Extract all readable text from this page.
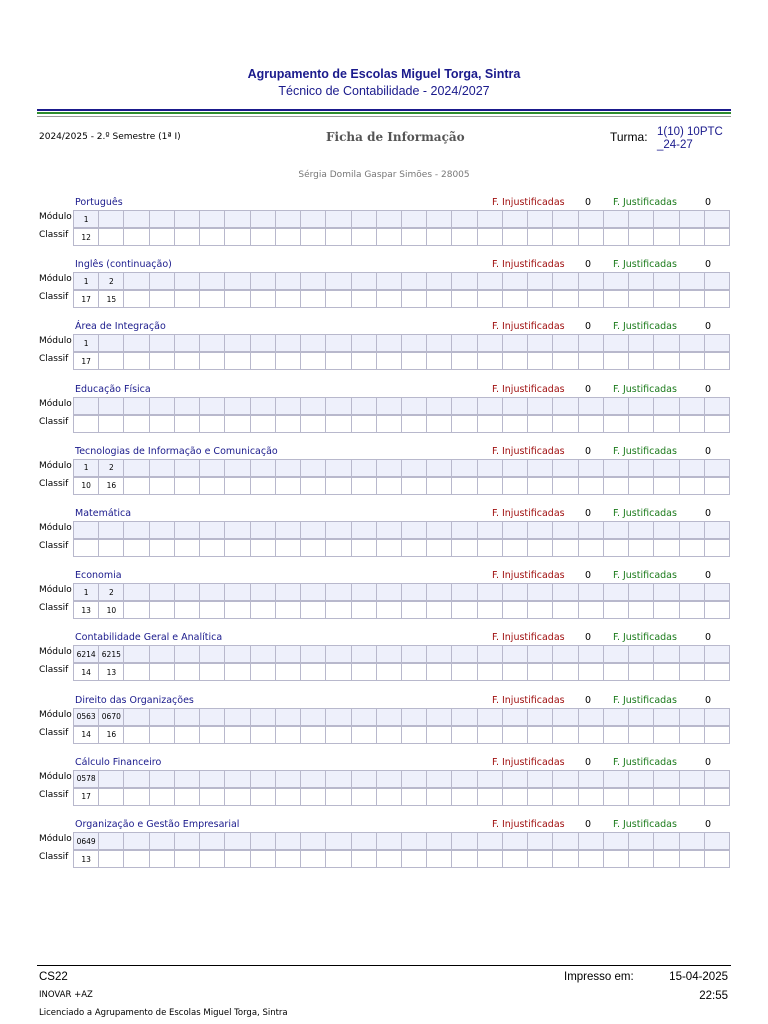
Agrupamento de Escolas Miguel Torga, Sintra
Técnico de Contabilidade - 2024/2027
2024/2025 - 2.º Semestre (1ª I)	Ficha de Informação	Turma: 1(10) 10PTC_24-27
Sérgia Domila Gaspar Simões - 28005
Português	F. Injustificadas 0 F. Justificadas	0
Módulo
Classif
1
12
Inglês (continuação)	F. Injustificadas 0 F. Justificadas	0
Módulo
Classif
1	2
17	15
Área de Integração	F. Injustificadas 0 F. Justificadas	0
Módulo
Classif
1
17
Educação Física	F. Injustificadas 0 F. Justificadas	0
Módulo
Classif
Tecnologias de Informação e Comunicação	F. Injustificadas 0 F. Justificadas	0
Módulo
Classif
1	2
10	16
Matemática	F. Injustificadas 0 F. Justificadas	0
Módulo
Classif
Economia	F. Injustificadas 0 F. Justificadas	0
Módulo
Classif
1	2
13	10
Contabilidade Geral e Analítica	F. Injustificadas 0 F. Justificadas	0
Módulo
Classif
6214 6215
14	13
Direito das Organizações	F. Injustificadas 0 F. Justificadas	0
Módulo
Classif
0563 0670
14	16
Cálculo Financeiro	F. Injustificadas 0 F. Justificadas	0
Módulo
Classif
0578
17
Organização e Gestão Empresarial	F. Injustificadas 0 F. Justificadas	0
Módulo
Classif
0649
13
CS22
INOVAR +AZ
Licenciado a Agrupamento de Escolas Miguel Torga, Sintra
Impresso em:	15-04-2025
22:55
